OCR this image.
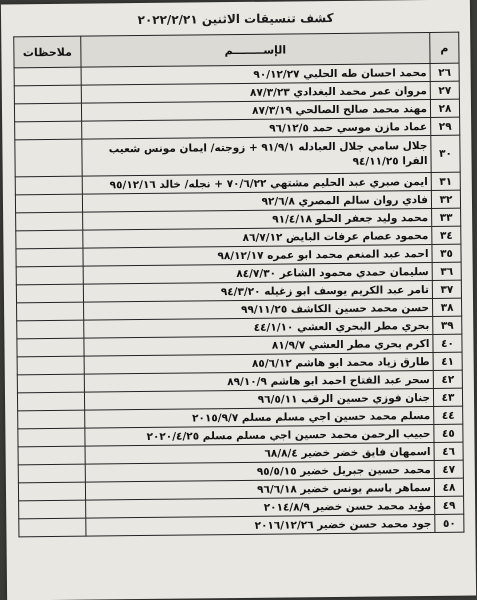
كشف تنسيقات الاثنين ٢٠٢٢/٢/٢١
م	الإســــــــم	ملاحظات
٢٦	محمد احسان طه الحلبي ٩٠/١٢/٢٧	
٢٧	مروان عمر محمد البغدادي ٨٧/٣/٢٣	
٢٨	مهند محمد صالح الصالحي ٨٧/٣/١٩	
٢٩	عماد مازن موسي حمد ٩٦/١٢/٥	
٣٠	جلال سامي جلال العبادله ٩١/٩/١ + زوجته/ ايمان مونس شعيب الفرا ٩٤/١١/٢٥	
٣١	ايمن صبري عبد الحليم مشتهي ٧٠/٦/٢٢ + نجله/ خالد ٩٥/١٢/١٦	
٣٢	فادي روان سالم المصري ٩٢/٦/٨	
٣٣	محمد وليد جعفر الحلو ٩١/٤/١٨	
٣٤	محمود عصام عرفات البايض ٨٦/٧/١٢	
٣٥	احمد عبد المنعم محمد ابو عمره ٩٨/١٢/١٧	
٣٦	سليمان حمدي محمود الشاعر ٨٤/٧/٣٠	
٣٧	تامر عبد الكريم يوسف ابو زغيله ٩٤/٣/٢٠	
٣٨	حسن محمد حسين الكاشف ٩٩/١١/٢٥	
٣٩	بحري مطر البحري العشي ٤٤/١/١٠	
٤٠	اكرم بحري مطر العشي ٨١/٩/٧	
٤١	طارق زياد محمد ابو هاشم ٨٥/٦/١٢	
٤٢	سحر عبد الفتاح احمد ابو هاشم ٨٩/١٠/٩	
٤٣	جنان فوزي حسين الرقب ٩٦/٥/١١	
٤٤	مسلم محمد حسين اجي مسلم مسلم ٢٠١٥/٩/٧	
٤٥	حبيب الرحمن محمد حسين اجي مسلم مسلم ٢٠٢٠/٤/٢٥	
٤٦	اسمهان فايق خضر خضير ٦٨/٨/٤	
٤٧	محمد حسين جبريل خضير ٩٥/٥/١٥	
٤٨	سماهر باسم يونس خضير ٩٦/٦/١٨	
٤٩	مؤيد محمد حسن خضير ٢٠١٤/٨/٩	
٥٠	جود محمد حسن خضير ٢٠١٦/١٢/٢٦	
